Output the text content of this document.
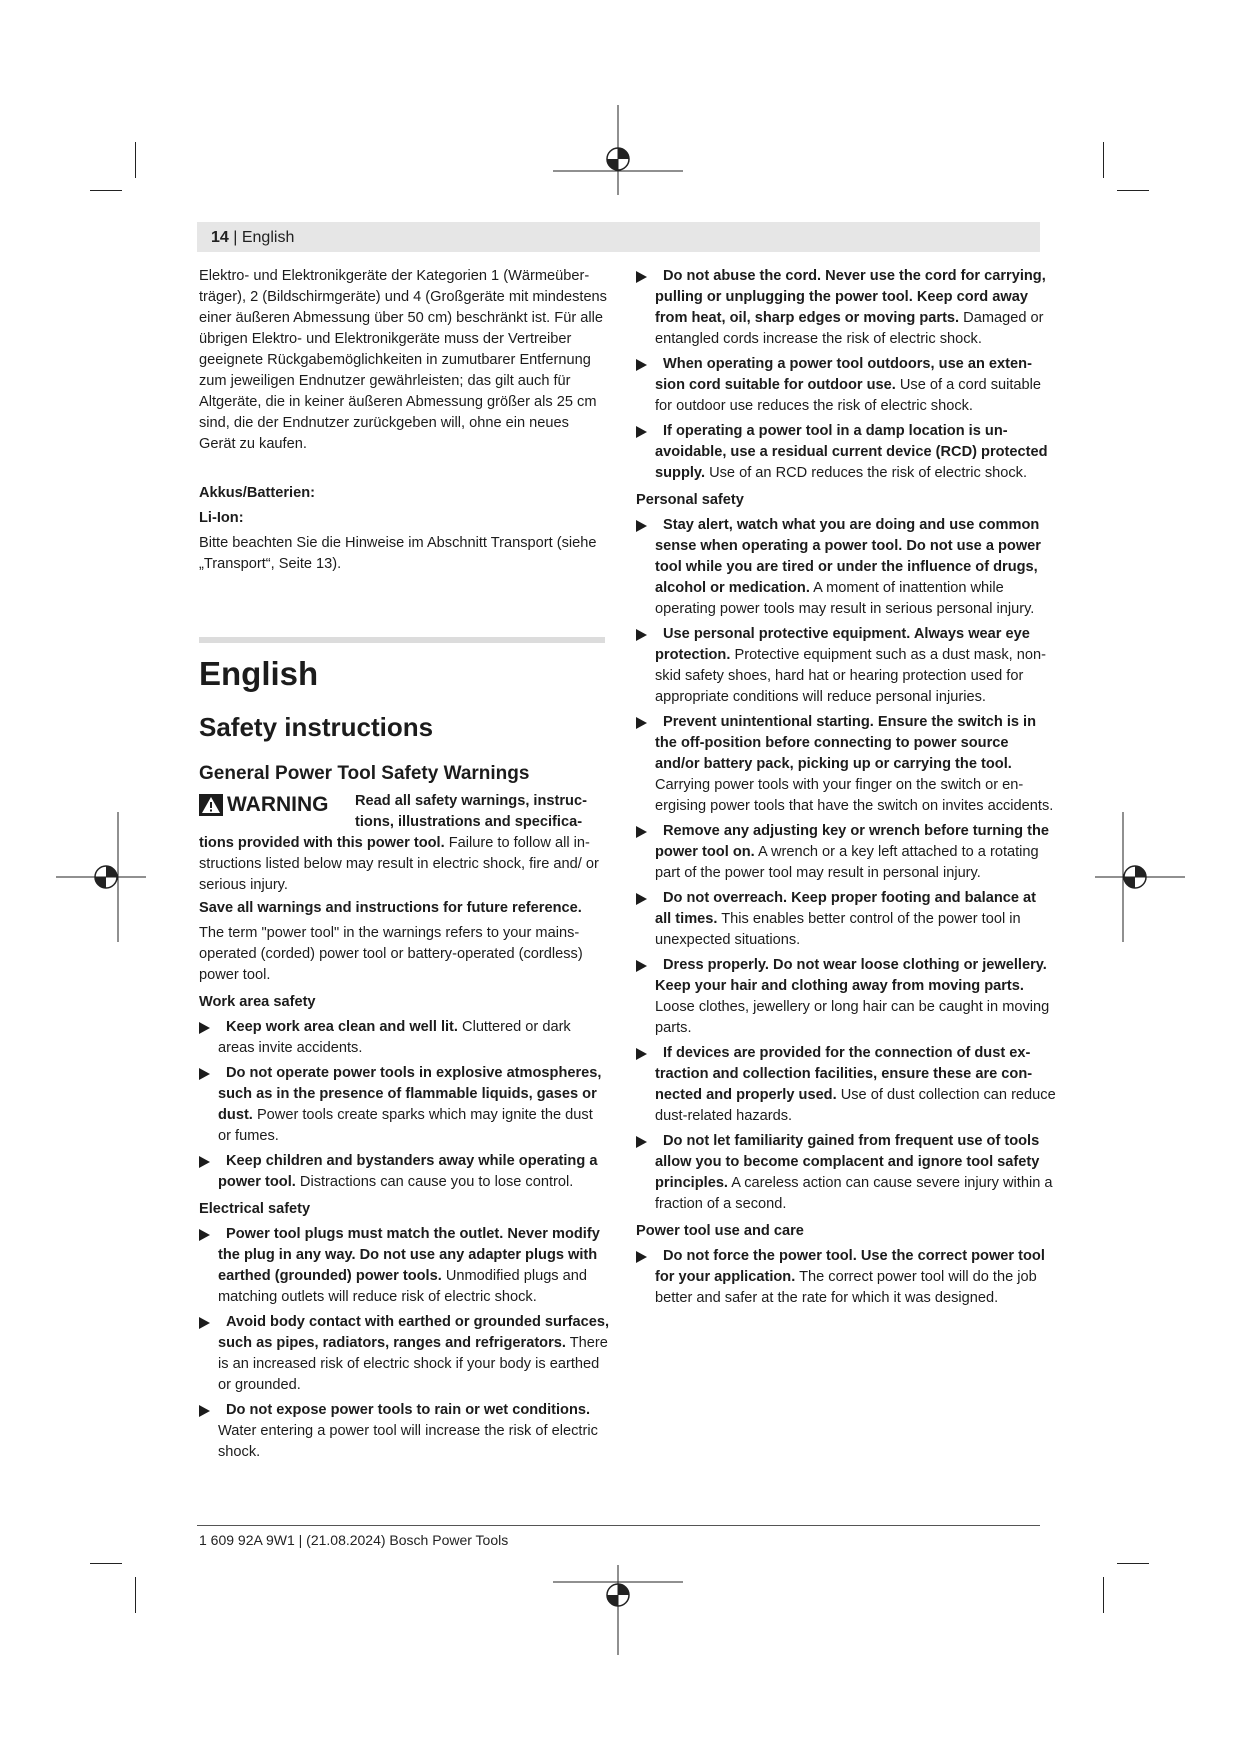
14 | English

Elektro- und Elektronikgeräte der Kategorien 1 (Wärmeüberträger), 2 (Bildschirmgeräte) und 4 (Großgeräte mit mindestens einer äußeren Abmessung über 50 cm) beschränkt ist. Für alle übrigen Elektro- und Elektronikgeräte muss der Vertreiber geeignete Rückgabemöglichkeiten in zumutbarer Entfernung zum jeweiligen Endnutzer gewährleisten; das gilt auch für Altgeräte, die in keiner äußeren Abmessung größer als 25 cm sind, die der Endnutzer zurückgeben will, ohne ein neues Gerät zu kaufen.

Akkus/Batterien:

Li-Ion:

Bitte beachten Sie die Hinweise im Abschnitt Transport (siehe „Transport“, Seite 13).

English
Safety instructions
General Power Tool Safety Warnings
WARNING	Read all safety warnings, instructions, illustrations and specifications provided with this power tool. Failure to follow all instructions listed below may result in electric shock, fire and/ or serious injury.

Save all warnings and instructions for future reference.

The term "power tool" in the warnings refers to your mains-operated (corded) power tool or battery-operated (cordless) power tool.

Work area safety

Keep work area clean and well lit. Cluttered or dark areas invite accidents.
Do not operate power tools in explosive atmospheres, such as in the presence of flammable liquids, gases or dust. Power tools create sparks which may ignite the dust or fumes.
Keep children and bystanders away while operating a power tool. Distractions can cause you to lose control.

Electrical safety

Power tool plugs must match the outlet. Never modify the plug in any way. Do not use any adapter plugs with earthed (grounded) power tools. Unmodified plugs and matching outlets will reduce risk of electric shock.
Avoid body contact with earthed or grounded surfaces, such as pipes, radiators, ranges and refrigerators. There is an increased risk of electric shock if your body is earthed or grounded.
Do not expose power tools to rain or wet conditions. Water entering a power tool will increase the risk of electric shock.
Do not abuse the cord. Never use the cord for carrying, pulling or unplugging the power tool. Keep cord away from heat, oil, sharp edges or moving parts. Damaged or entangled cords increase the risk of electric shock.
When operating a power tool outdoors, use an extension cord suitable for outdoor use. Use of a cord suitable for outdoor use reduces the risk of electric shock.
If operating a power tool in a damp location is unavoidable, use a residual current device (RCD) protected supply. Use of an RCD reduces the risk of electric shock.

Personal safety

Stay alert, watch what you are doing and use common sense when operating a power tool. Do not use a power tool while you are tired or under the influence of drugs, alcohol or medication. A moment of inattention while operating power tools may result in serious personal injury.
Use personal protective equipment. Always wear eye protection. Protective equipment such as a dust mask, non-skid safety shoes, hard hat or hearing protection used for appropriate conditions will reduce personal injuries.
Prevent unintentional starting. Ensure the switch is in the off-position before connecting to power source and/or battery pack, picking up or carrying the tool. Carrying power tools with your finger on the switch or energising power tools that have the switch on invites accidents.
Remove any adjusting key or wrench before turning the power tool on. A wrench or a key left attached to a rotating part of the power tool may result in personal injury.
Do not overreach. Keep proper footing and balance at all times. This enables better control of the power tool in unexpected situations.
Dress properly. Do not wear loose clothing or jewellery. Keep your hair and clothing away from moving parts. Loose clothes, jewellery or long hair can be caught in moving parts.
If devices are provided for the connection of dust extraction and collection facilities, ensure these are connected and properly used. Use of dust collection can reduce dust-related hazards.
Do not let familiarity gained from frequent use of tools allow you to become complacent and ignore tool safety principles. A careless action can cause severe injury within a fraction of a second.

Power tool use and care

Do not force the power tool. Use the correct power tool for your application. The correct power tool will do the job better and safer at the rate for which it was designed.
1 609 92A 9W1 | (21.08.2024) Bosch Power Tools
